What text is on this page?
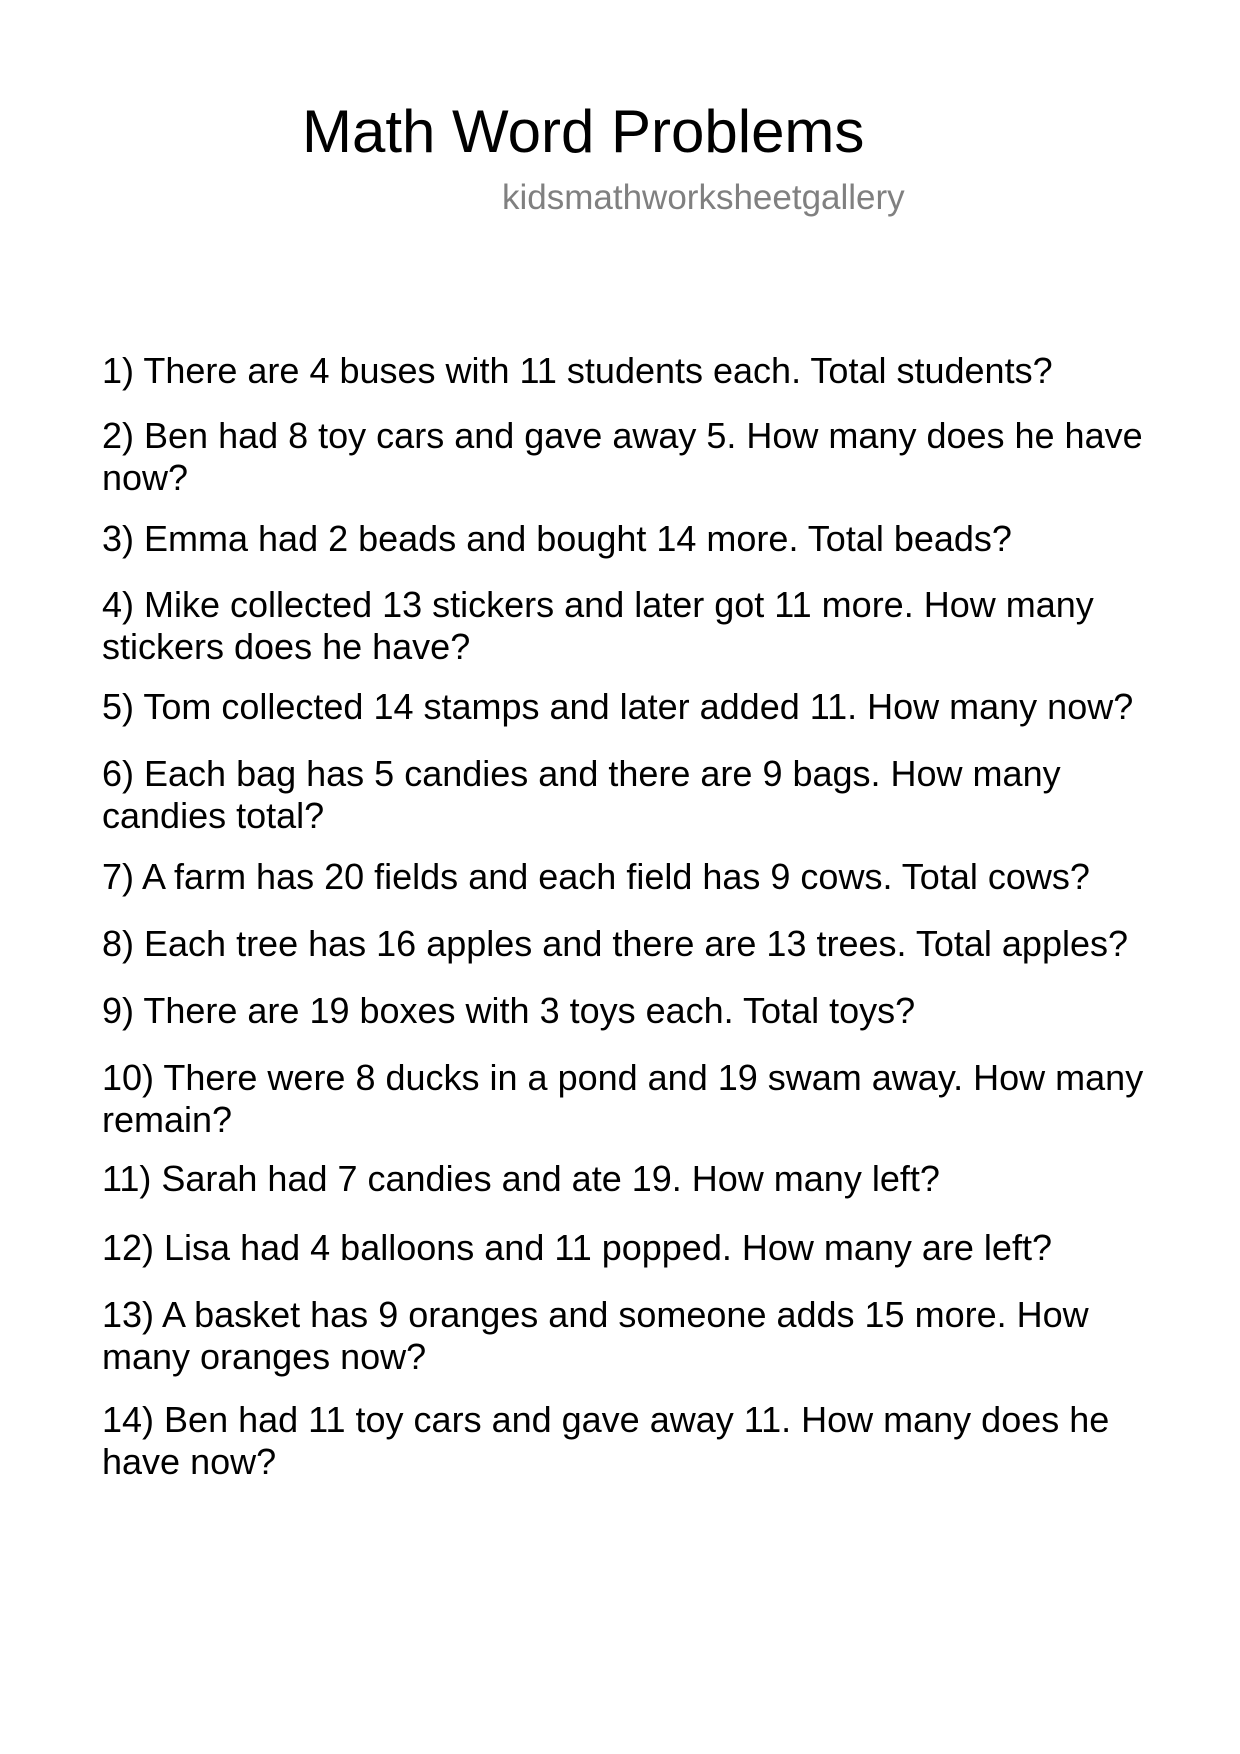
Math Word Problems
kidsmathworksheetgallery
1) There are 4 buses with 11 students each. Total students?
2) Ben had 8 toy cars and gave away 5. How many does he have
now?
3) Emma had 2 beads and bought 14 more. Total beads?
4) Mike collected 13 stickers and later got 11 more. How many
stickers does he have?
5) Tom collected 14 stamps and later added 11. How many now?
6) Each bag has 5 candies and there are 9 bags. How many
candies total?
7) A farm has 20 fields and each field has 9 cows. Total cows?
8) Each tree has 16 apples and there are 13 trees. Total apples?
9) There are 19 boxes with 3 toys each. Total toys?
10) There were 8 ducks in a pond and 19 swam away. How many
remain?
11) Sarah had 7 candies and ate 19. How many left?
12) Lisa had 4 balloons and 11 popped. How many are left?
13) A basket has 9 oranges and someone adds 15 more. How
many oranges now?
14) Ben had 11 toy cars and gave away 11. How many does he
have now?
